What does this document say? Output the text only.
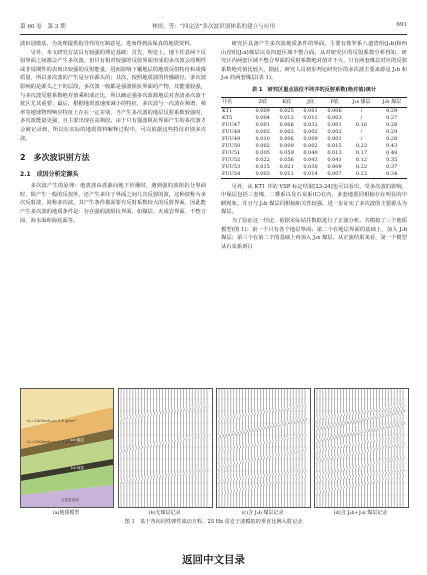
第 60 卷　第 3 期	林煜，等：“四定法”多次波识别体系的建立与应用	691

波识别奠基，为处理提供指导性的压制意见，进而得到高保真的地震资料。

另外，本文研究方法具有较强的理论基础：首先，理论上，地下任意两个反射界面之间都会产生多次波，但只有相对较强的反射界面形成的多次波会周期性或非周期性的表现出较强的反射能量，进而影响下覆地层的地震反射特征和成像质量，所以多次波的产生是存在源头的；其次，按照地震波的传播路径，多次波影响的是源头之下的层段，多次波一般都是强波阻抗界面的产物，其能量较强，与多次波反射系数绝对值乘积成正比，所以确定强多次波源地层对查清多次波干扰区尤其重要；最后，根据地震波速度减小的特征，多次波与一次波在频谱、频率等地球物理响应特征上存在一定差别，当产生多次波的地层反射系数较强时，多次波能量更强，且主要出现在高频段。由于只有强波阻抗界面产生的多次波才会被记录到，所以在实际的地震资料解释过程中，可以依据这些特征识别多次波。

2　多次波识别方法
2.1　成因分析定源头

多次波产生的原理：地震波由震源向地下传播时，遇到强的波阻抗分界面时，除产生一般的反射外，还产生来往于界面之间几次反射的波，这种波称为多次反射波，简称多次波。其产生条件都需要有反射系数较大的反射界面，因此能产生多次波的地质条件是：存在强的波阻抗界面，如煤层、火成岩界面、不整合面、海水面和海底面等。

研究区具备产生多次波地质条件的界面，主要有侏罗系八道湾组(J₁b)和西山窑组(J₂x)煤层以及四道区域不整合面。从对研究区的反射系数分析得知，研究区内两套区域不整合界面的反射系数绝对值并不大，只有两套煤层对应的反射系数绝对值比较大，据此，研究人员初步判定研究区的多次波主要来源是 J₁b 和 J₂x 的两套煤层(表 1)。

表 1　研究区重点层位不同井的反射系数(绝对值)统计
井名	Z底	K底	J底	P底	J₂x 煤层	J₁b 煤层
KT1	0.009	0.025	0.001	0.006	/	0.29
KT5	0.004	0.012	0.011	0.003	/	0.27
FUU47	0.001	0.006	0.032	0.001	0.16	0.28
FUU48	0.002	0.002	0.002	0.002	/	0.29
FUU49	0.010	0.006	0.009	0.001	/	0.28
FUU50	0.002	0.009	0.002	0.015	0.23	0.43
FUU51	0.005	0.059	0.040	0.013	0.17	0.48
FUU52	0.022	0.056	0.043	0.041	0.12	0.35
FUU53	0.015	0.021	0.030	0.009	0.22	0.37
FUU54	0.003	0.011	0.014	0.007	0.22	0.34

另外，从 KT1 井的 VSP 标定结果[23-24]也可以看出，受多次波的影响，中保层包括三套煤、二叠系以及石炭系(C)在内，多套地震同相轴存在明显的中断现象，并且与 J₂b 煤层同相轴和关性较强，进一步证实了多次波的主要源头为煤层。

为了验证这一结论，依据实际钻井数据进行了正演分析。共模拟了三个地质模型(图 1)：第一个只有各个地层界面；第二个在地层界面的基础上，加入 J₂b 煤层；第三个在第二个的基础上再加入 J₂x 煤层。从正演结果来看，第一个模型从石炭系到白

Vₚ=2400m/s,ρ=1.5 g/cm³
Vₚ=2300m/s,ρ=1.4 g/cm³
J₂x 煤层
J₁b 煤层
石炭系基底
(a)地质模型	(b)无煤层记录	(c)含 J₂b 煤层记录	(d)含 J₂b+J₂x 煤层记录
图 1　基于各向同性弹性波动方程、25 Hz 雷克子波模拟的垂直比例入射记录
返回中文目录
